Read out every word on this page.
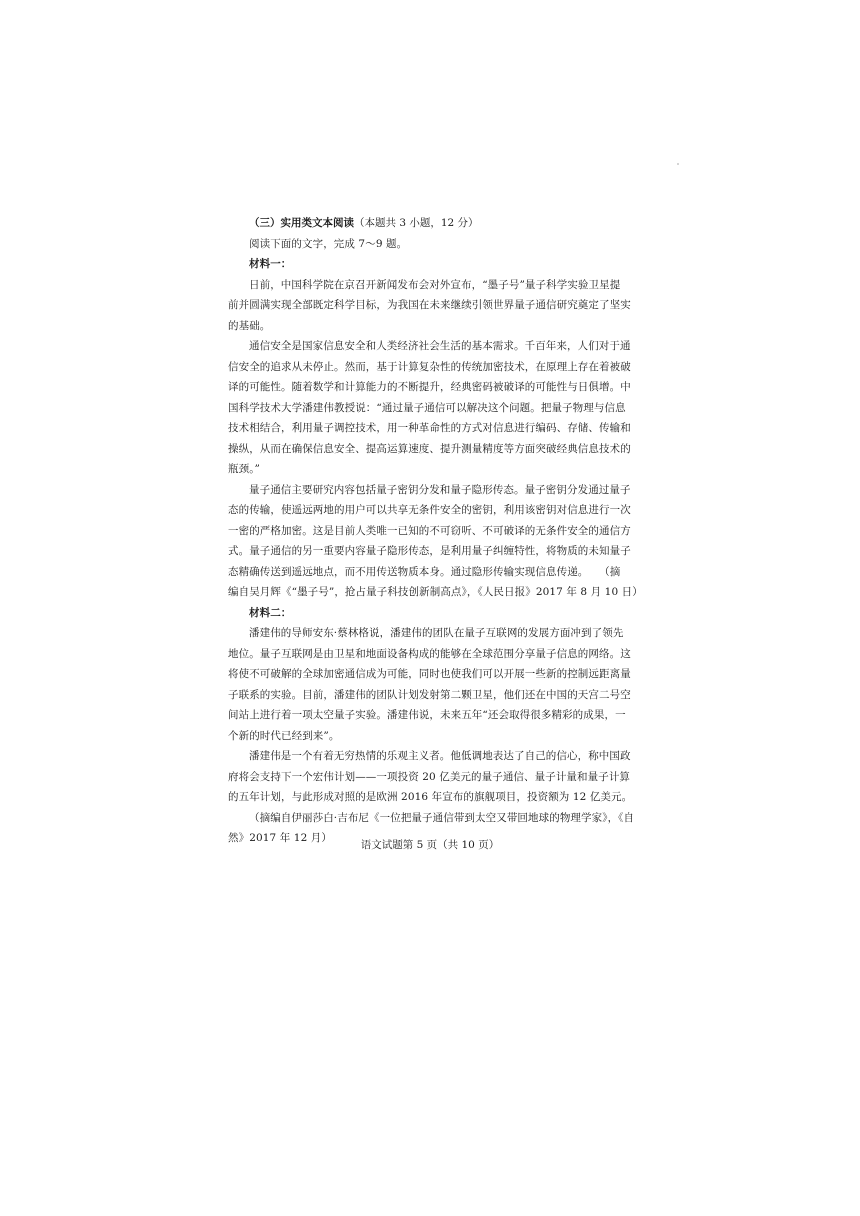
（三）实用类文本阅读（本题共 3 小题，12 分）
阅读下面的文字，完成 7～9 题。
材料一：
日前，中国科学院在京召开新闻发布会对外宣布，“墨子号”量子科学实验卫星提
前并圆满实现全部既定科学目标，为我国在未来继续引领世界量子通信研究奠定了坚实
的基础。
通信安全是国家信息安全和人类经济社会生活的基本需求。千百年来，人们对于通
信安全的追求从未停止。然而，基于计算复杂性的传统加密技术，在原理上存在着被破
译的可能性。随着数学和计算能力的不断提升，经典密码被破译的可能性与日俱增。中
国科学技术大学潘建伟教授说：“通过量子通信可以解决这个问题。把量子物理与信息
技术相结合，利用量子调控技术，用一种革命性的方式对信息进行编码、存储、传输和
操纵，从而在确保信息安全、提高运算速度、提升测量精度等方面突破经典信息技术的
瓶颈。”
量子通信主要研究内容包括量子密钥分发和量子隐形传态。量子密钥分发通过量子
态的传输，使遥远两地的用户可以共享无条件安全的密钥，利用该密钥对信息进行一次
一密的严格加密。这是目前人类唯一已知的不可窃听、不可破译的无条件安全的通信方
式。量子通信的另一重要内容量子隐形传态，是利用量子纠缠特性，将物质的未知量子
态精确传送到遥远地点，而不用传送物质本身。通过隐形传输实现信息传递。　　（摘
编自吴月辉《“墨子号”，抢占量子科技创新制高点》，《人民日报》2017 年 8 月 10 日）
材料二：
潘建伟的导师安东·蔡林格说，潘建伟的团队在量子互联网的发展方面冲到了领先
地位。量子互联网是由卫星和地面设备构成的能够在全球范围分享量子信息的网络。这
将使不可破解的全球加密通信成为可能，同时也使我们可以开展一些新的控制远距离量
子联系的实验。目前，潘建伟的团队计划发射第二颗卫星，他们还在中国的天宫二号空
间站上进行着一项太空量子实验。潘建伟说，未来五年“还会取得很多精彩的成果，一
个新的时代已经到来”。
潘建伟是一个有着无穷热情的乐观主义者。他低调地表达了自己的信心，称中国政
府将会支持下一个宏伟计划——一项投资 20 亿美元的量子通信、量子计量和量子计算
的五年计划，与此形成对照的是欧洲 2016 年宣布的旗舰项目，投资额为 12 亿美元。
（摘编自伊丽莎白·吉布尼《一位把量子通信带到太空又带回地球的物理学家》，《自
然》2017 年 12 月）
语文试题第 5 页（共 10 页）
